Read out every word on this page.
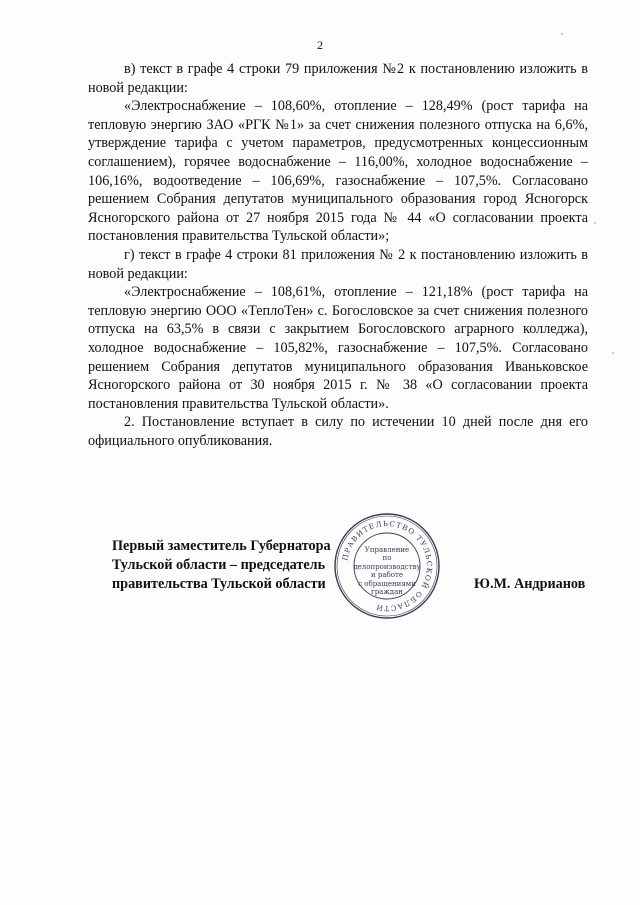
2

в) текст в графе 4 строки 79 приложения №2 к постановлению изложить в новой редакции:

«Электроснабжение – 108,60%, отопление – 128,49% (рост тарифа на тепловую энергию ЗАО «РГК №1» за счет снижения полезного отпуска на 6,6%, утверждение тарифа с учетом параметров, предусмотренных концессионным соглашением), горячее водоснабжение – 116,00%, холодное водоснабжение – 106,16%, водоотведение – 106,69%, газоснабжение – 107,5%. Согласовано решением Собрания депутатов муниципального образования город Ясногорск Ясногорского района от 27 ноября 2015 года № 44 «О согласовании проекта постановления правительства Тульской области»;

г) текст в графе 4 строки 81 приложения № 2 к постановлению изложить в новой редакции:

«Электроснабжение – 108,61%, отопление – 121,18% (рост тарифа на тепловую энергию ООО «ТеплоТен» с. Богословское за счет снижения полезного отпуска на 63,5% в связи с закрытием Богословского аграрного колледжа), холодное водоснабжение – 105,82%, газоснабжение – 107,5%. Согласовано решением Собрания депутатов муниципального образования Иваньковское Ясногорского района от 30 ноября 2015 г. № 38 «О согласовании проекта постановления правительства Тульской области».

2. Постановление вступает в силу по истечении 10 дней после дня его официального опубликования.

ПРАВИТЕЛЬСТВО ТУЛЬСКОЙ ОБЛАСТИ
Управление
по делопроизводству
и работе
с обращениями
граждан
Первый заместитель Губернатора
Тульской области – председатель
правительства Тульской области	Ю.М. Андрианов
